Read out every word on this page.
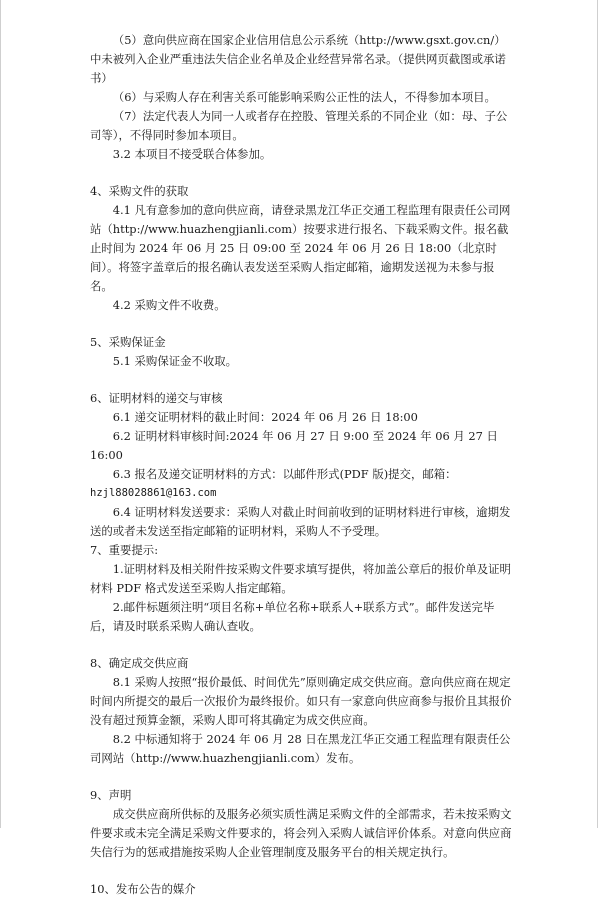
（5）意向供应商在国家企业信用信息公示系统（http://www.gsxt.gov.cn/）中未被列入企业严重违法失信企业名单及企业经营异常名录。（提供网页截图或承诺书）

（6）与采购人存在利害关系可能影响采购公正性的法人，不得参加本项目。

（7）法定代表人为同一人或者存在控股、管理关系的不同企业（如：母、子公司等），不得同时参加本项目。

3.2 本项目不接受联合体参加。

4、采购文件的获取

4.1 凡有意参加的意向供应商，请登录黑龙江华正交通工程监理有限责任公司网站（http://www.huazhengjianli.com）按要求进行报名、下载采购文件。报名截止时间为 2024 年 06 月 25 日 09:00 至 2024 年 06 月 26 日 18:00（北京时间）。将签字盖章后的报名确认表发送至采购人指定邮箱，逾期发送视为未参与报名。

4.2 采购文件不收费。

5、采购保证金

5.1 采购保证金不收取。

6、证明材料的递交与审核

6.1 递交证明材料的截止时间：2024 年 06 月 26 日 18:00

6.2 证明材料审核时间:2024 年 06 月 27 日 9:00 至 2024 年 06 月 27 日 16:00

6.3 报名及递交证明材料的方式：以邮件形式(PDF 版)提交，邮箱：

hzjl88028861@163.com

6.4 证明材料发送要求：采购人对截止时间前收到的证明材料进行审核，逾期发送的或者未发送至指定邮箱的证明材料，采购人不予受理。

7、重要提示:

1.证明材料及相关附件按采购文件要求填写提供，将加盖公章后的报价单及证明材料 PDF 格式发送至采购人指定邮箱。

2.邮件标题须注明“项目名称+单位名称+联系人+联系方式”。邮件发送完毕后，请及时联系采购人确认查收。

8、确定成交供应商

8.1 采购人按照“报价最低、时间优先”原则确定成交供应商。意向供应商在规定时间内所提交的最后一次报价为最终报价。如只有一家意向供应商参与报价且其报价没有超过预算金额，采购人即可将其确定为成交供应商。

8.2 中标通知将于 2024 年 06 月 28 日在黑龙江华正交通工程监理有限责任公司网站（http://www.huazhengjianli.com）发布。

9、声明

成交供应商所供标的及服务必须实质性满足采购文件的全部需求，若未按采购文件要求或未完全满足采购文件要求的，将会列入采购人诚信评价体系。对意向供应商失信行为的惩戒措施按采购人企业管理制度及服务平台的相关规定执行。

10、发布公告的媒介
